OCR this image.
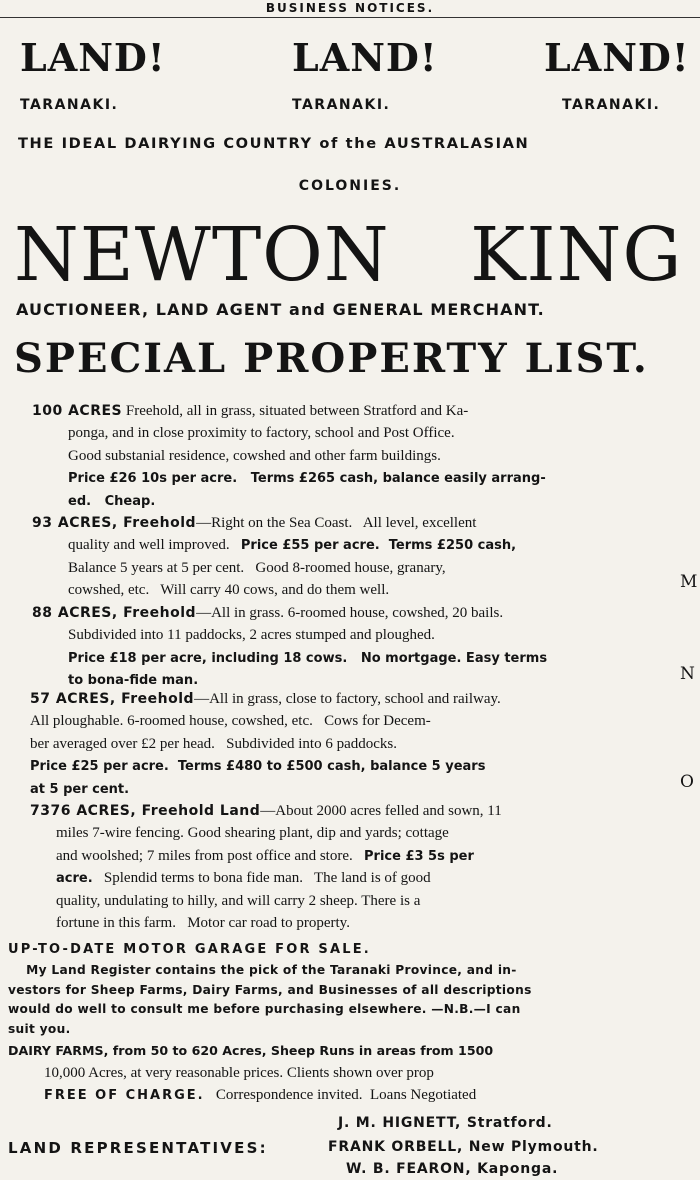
BUSINESS NOTICES.
LAND!	LAND!	LAND!
TARANAKI.	TARANAKI.	TARANAKI.
THE IDEAL DAIRYING COUNTRY of the AUSTRALASIAN
COLONIES.
NEWTON KING
AUCTIONEER, LAND AGENT and GENERAL MERCHANT.
SPECIAL PROPERTY LIST.
100 ACRES Freehold, all in grass, situated between Stratford and Ka-
ponga, and in close proximity to factory, school and Post Office.
Good substanial residence, cowshed and other farm buildings.
Price £26 10s per acre.   Terms £265 cash, balance easily arrang-
ed.   Cheap.
93 ACRES, Freehold—Right on the Sea Coast.   All level, excellent
quality and well improved.   Price £55 per acre.  Terms £250 cash,
Balance 5 years at 5 per cent.   Good 8-roomed house, granary,
cowshed, etc.   Will carry 40 cows, and do them well.
88 ACRES, Freehold—All in grass. 6-roomed house, cowshed, 20 bails.
Subdivided into 11 paddocks, 2 acres stumped and ploughed.
Price £18 per acre, including 18 cows.   No mortgage. Easy terms
to bona-fide man.
57 ACRES, Freehold—All in grass, close to factory, school and railway.
All ploughable. 6-roomed house, cowshed, etc.   Cows for Decem-
ber averaged over £2 per head.   Subdivided into 6 paddocks.
Price £25 per acre.  Terms £480 to £500 cash, balance 5 years
at 5 per cent.
7376 ACRES, Freehold Land—About 2000 acres felled and sown, 11
miles 7-wire fencing. Good shearing plant, dip and yards; cottage
and woolshed; 7 miles from post office and store.   Price £3 5s per
acre.   Splendid terms to bona fide man.   The land is of good
quality, undulating to hilly, and will carry 2 sheep. There is a
fortune in this farm.   Motor car road to property.
M
N
O
UP-TO-DATE MOTOR GARAGE FOR SALE.
My Land Register contains the pick of the Taranaki Province, and in-
vestors for Sheep Farms, Dairy Farms, and Businesses of all descriptions
would do well to consult me before purchasing elsewhere. —N.B.—I can
suit you.
DAIRY FARMS, from 50 to 620 Acres, Sheep Runs in areas from 1500
10,000 Acres, at very reasonable prices. Clients shown over prop
FREE OF CHARGE.   Correspondence invited.  Loans Negotiated
J. M. HIGNETT, Stratford.
LAND REPRESENTATIVES:	FRANK ORBELL, New Plymouth.
W. B. FEARON, Kaponga.
